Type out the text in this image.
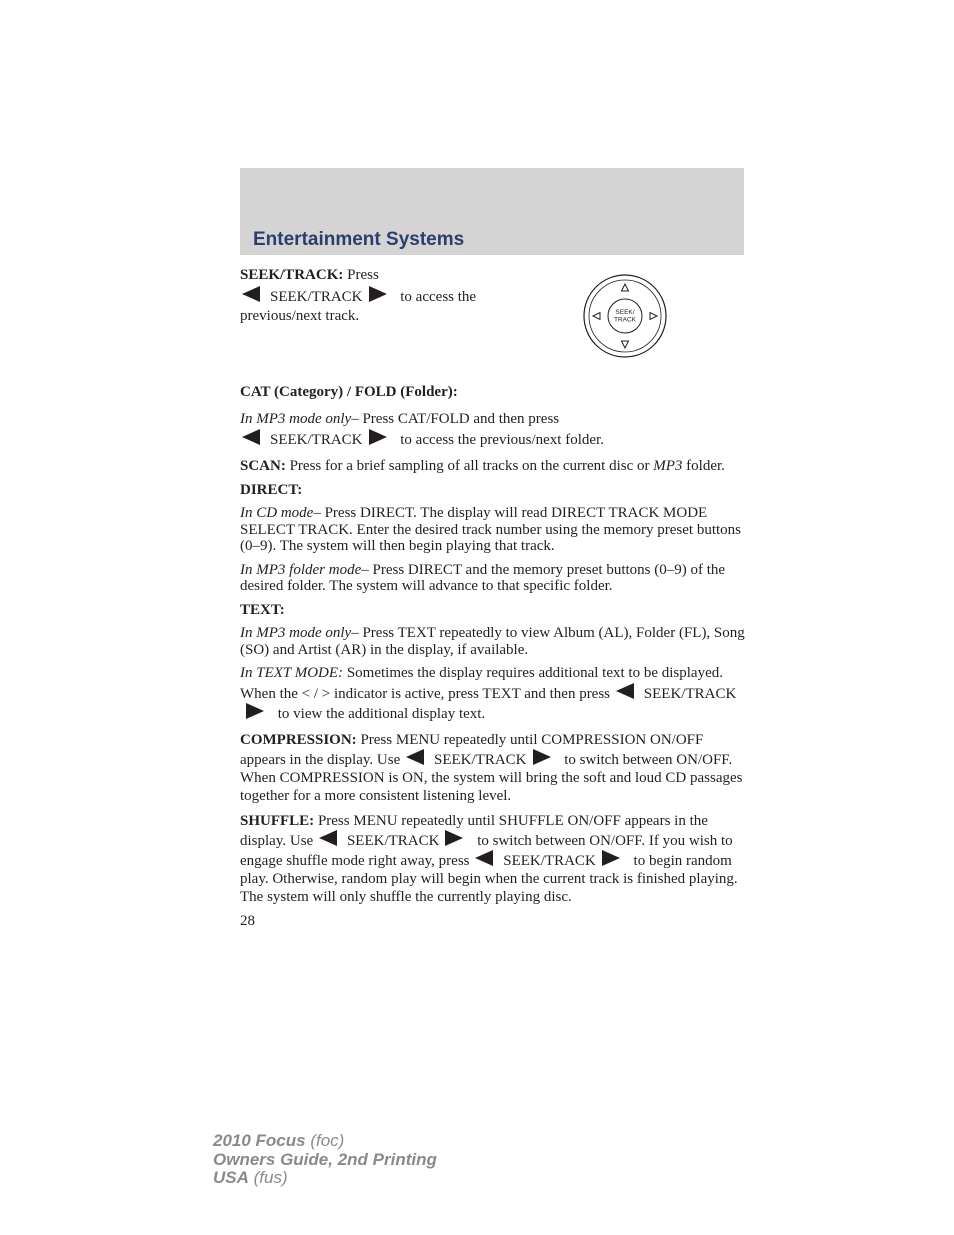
Entertainment Systems
SEEK/TRACK: Press
SEEK/TRACK	to access the
previous/next track.	SEEK/
TRACK

CAT (Category) / FOLD (Folder):

In MP3 mode only– Press CAT/FOLD and then press
SEEK/TRACK	to access the previous/next folder.

SCAN: Press for a brief sampling of all tracks on the current disc or MP3 folder.

DIRECT:

In CD mode– Press DIRECT. The display will read DIRECT TRACK MODE SELECT TRACK. Enter the desired track number using the memory preset buttons (0–9). The system will then begin playing that track.

In MP3 folder mode– Press DIRECT and the memory preset buttons (0–9) of the desired folder. The system will advance to that specific folder.

TEXT:

In MP3 mode only– Press TEXT repeatedly to view Album (AL), Folder (FL), Song (SO) and Artist (AR) in the display, if available.

In TEXT MODE: Sometimes the display requires additional text to be displayed. When the < / > indicator is active, press TEXT and then press SEEK/TRACK to view the additional display text.

COMPRESSION: Press MENU repeatedly until COMPRESSION ON/OFF appears in the display. Use SEEK/TRACK	to switch between ON/OFF. When COMPRESSION is ON, the system will bring the soft and loud CD passages together for a more consistent listening level.

SHUFFLE: Press MENU repeatedly until SHUFFLE ON/OFF appears in the display. Use SEEK/TRACK	to switch between ON/OFF. If you wish to engage shuffle mode right away, press SEEK/TRACK	to begin random play. Otherwise, random play will begin when the current track is finished playing. The system will only shuffle the currently playing disc.

28
2010 Focus (foc)
Owners Guide, 2nd Printing
USA (fus)
